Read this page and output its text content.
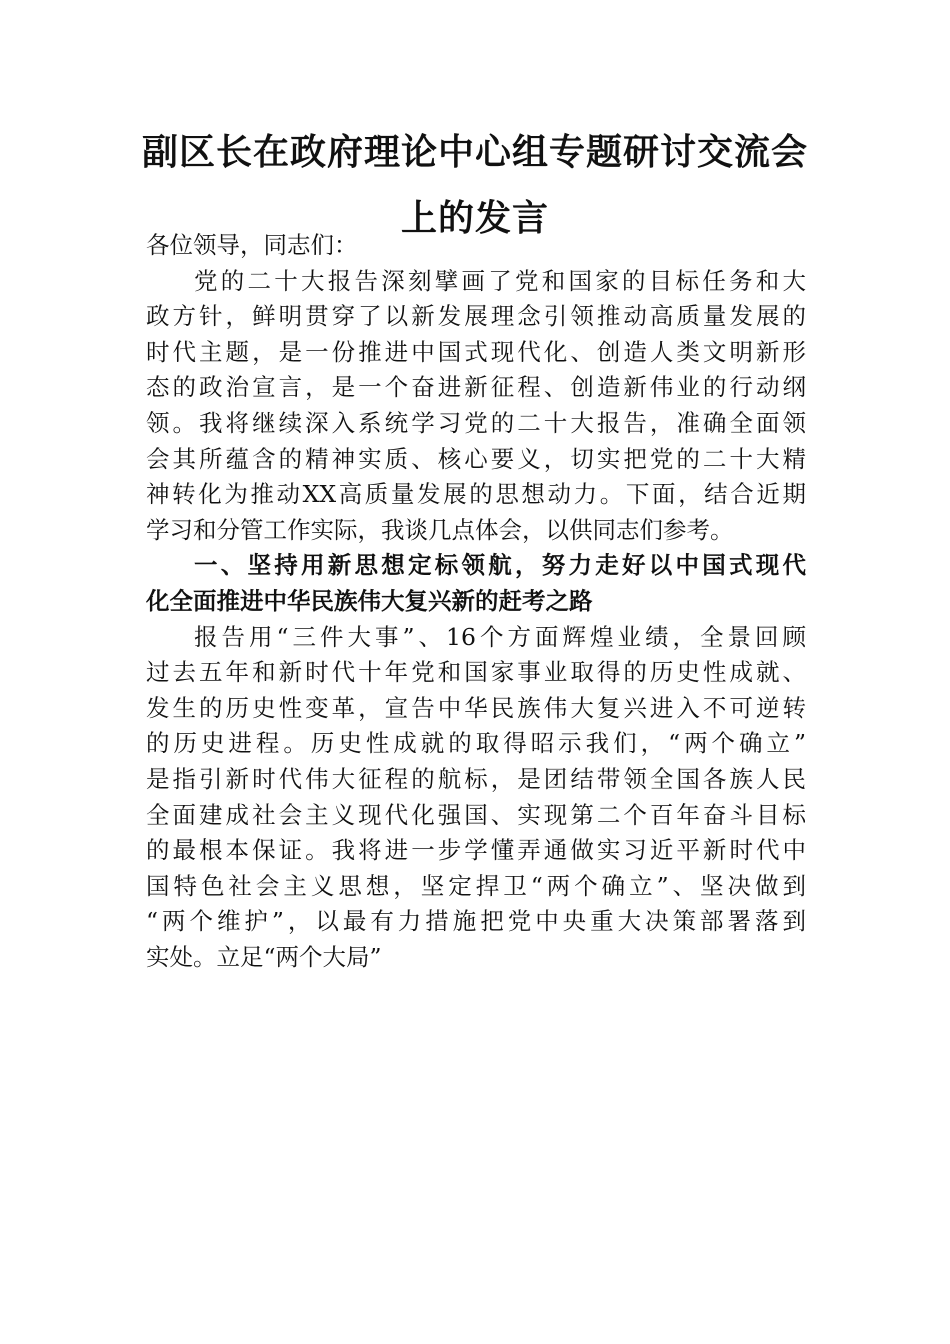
副区长在政府理论中心组专题研讨交流会
上的发言
各位领导，同志们：
党的二十大报告深刻擘画了党和国家的目标任务和大
政方针，鲜明贯穿了以新发展理念引领推动高质量发展的
时代主题，是一份推进中国式现代化、创造人类文明新形
态的政治宣言，是一个奋进新征程、创造新伟业的行动纲
领。我将继续深入系统学习党的二十大报告，准确全面领
会其所蕴含的精神实质、核心要义，切实把党的二十大精
神转化为推动XX高质量发展的思想动力。下面，结合近期
学习和分管工作实际，我谈几点体会，以供同志们参考。
一、坚持用新思想定标领航，努力走好以中国式现代
化全面推进中华民族伟大复兴新的赶考之路
报告用“三件大事”、16个方面辉煌业绩，全景回顾
过去五年和新时代十年党和国家事业取得的历史性成就、
发生的历史性变革，宣告中华民族伟大复兴进入不可逆转
的历史进程。历史性成就的取得昭示我们，“两个确立”
是指引新时代伟大征程的航标，是团结带领全国各族人民
全面建成社会主义现代化强国、实现第二个百年奋斗目标
的最根本保证。我将进一步学懂弄通做实习近平新时代中
国特色社会主义思想，坚定捍卫“两个确立”、坚决做到
“两个维护”，以最有力措施把党中央重大决策部署落到
实处。立足“两个大局”
